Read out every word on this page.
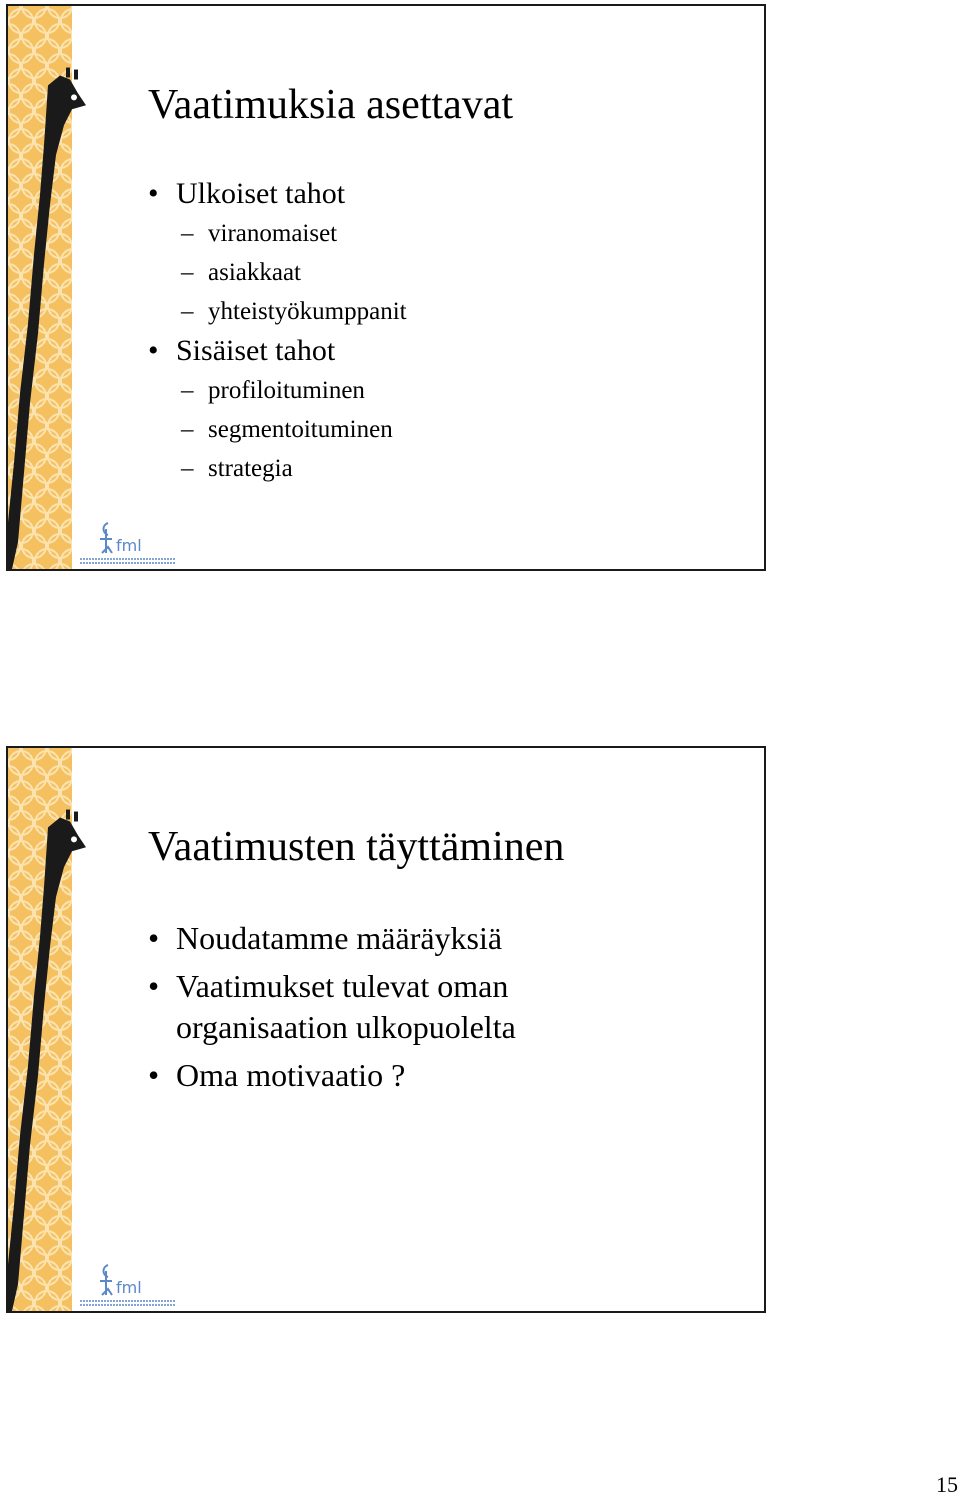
fml
Vaatimuksia asettavat
• Ulkoiset tahot
– viranomaiset
– asiakkaat
– yhteistyökumppanit
• Sisäiset tahot
– profiloituminen
– segmentoituminen
– strategia
fml
Vaatimusten täyttäminen
• Noudatamme määräyksiä
• Vaatimukset tulevat oman organisaation ulkopuolelta
• Oma motivaatio ?
15
